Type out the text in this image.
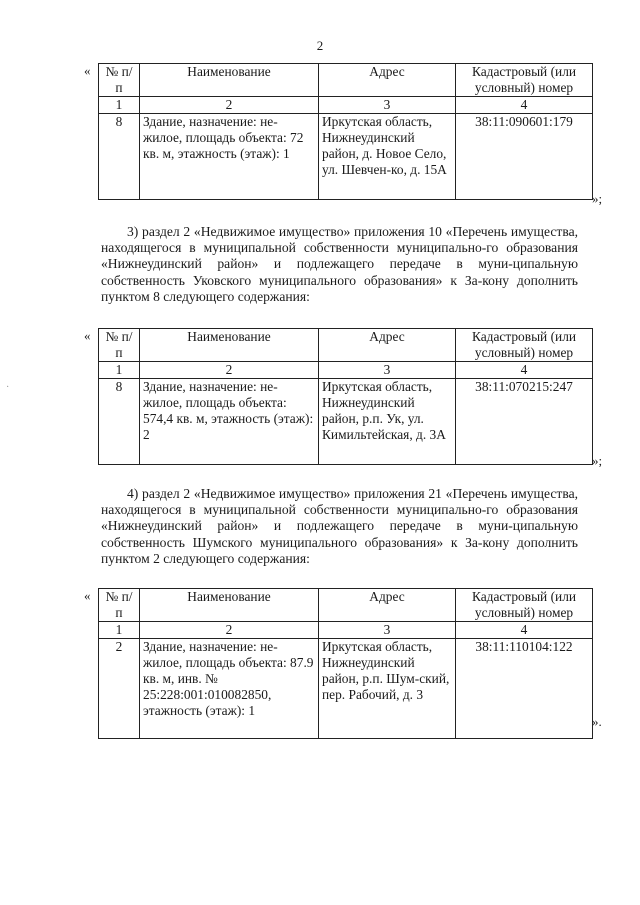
2
« № п/п	Наименование	Адрес	Кадастровый (или условный) номер
1	2	3	4
8	Здание, назначение: не-жилое, площадь объекта: 72 кв. м, этажность (этаж): 1	Иркутская область, Нижнеудинский район, д. Новое Село, ул. Шевчен-ко, д. 15А	38:11:090601:179
»;
3) раздел 2 «Недвижимое имущество» приложения 10 «Перечень имущества, находящегося в муниципальной собственности муниципально-го образования «Нижнеудинский район» и подлежащего передаче в муни-ципальную собственность Уковского муниципального образования» к За-кону дополнить пунктом 8 следующего содержания:
« № п/п	Наименование	Адрес	Кадастровый (или условный) номер
1	2	3	4
8	Здание, назначение: не-жилое, площадь объекта: 574,4 кв. м, этажность (этаж): 2	Иркутская область, Нижнеудинский район, р.п. Ук, ул. Кимильтейская, д. 3А	38:11:070215:247
»;
·
4) раздел 2 «Недвижимое имущество» приложения 21 «Перечень имущества, находящегося в муниципальной собственности муниципально-го образования «Нижнеудинский район» и подлежащего передаче в муни-ципальную собственность Шумского муниципального образования» к За-кону дополнить пунктом 2 следующего содержания:
« № п/п	Наименование	Адрес	Кадастровый (или условный) номер
1	2	3	4
2	Здание, назначение: не-жилое, площадь объекта: 87.9 кв. м, инв. № 25:228:001:010082850, этажность (этаж): 1	Иркутская область, Нижнеудинский район, р.п. Шум-ский, пер. Рабочий, д. 3	38:11:110104:122
».
